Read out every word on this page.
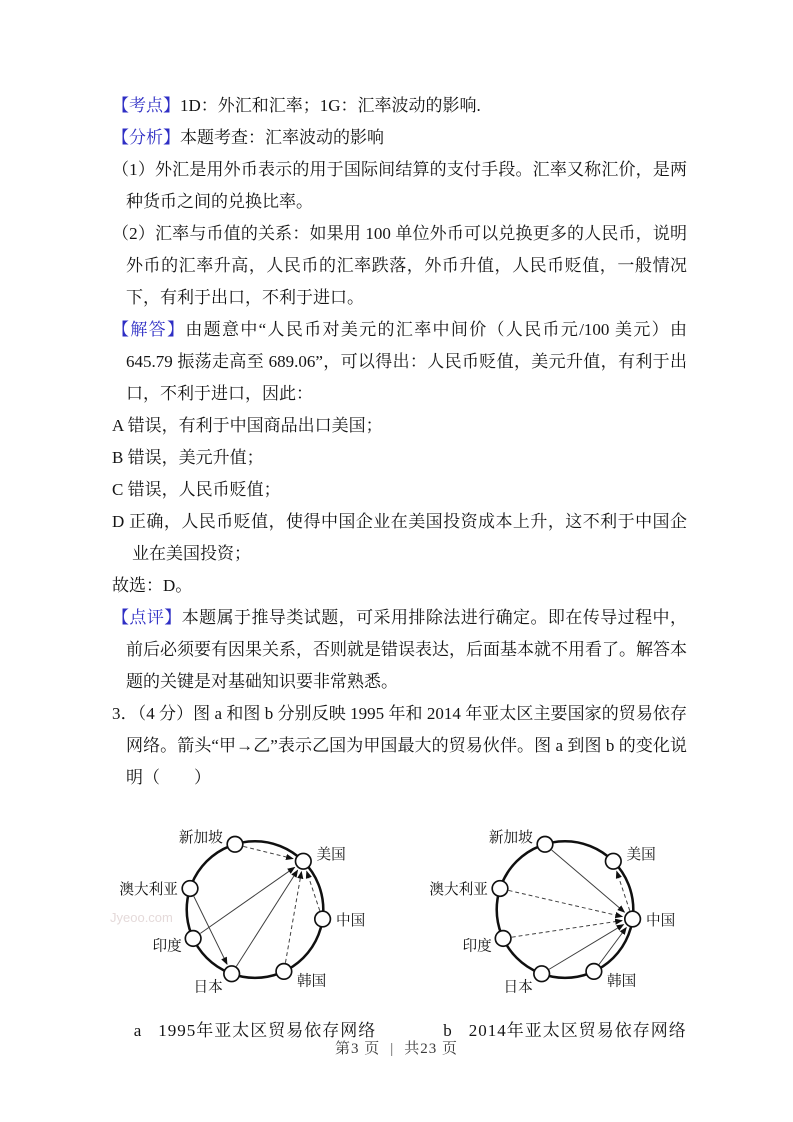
【考点】1D：外汇和汇率；1G：汇率波动的影响.

【分析】本题考查：汇率波动的影响

（1）外汇是用外币表示的用于国际间结算的支付手段。汇率又称汇价，是两种货币之间的兑换比率。

（2）汇率与币值的关系：如果用 100 单位外币可以兑换更多的人民币，说明外币的汇率升高，人民币的汇率跌落，外币升值，人民币贬值，一般情况下，有利于出口，不利于进口。

【解答】由题意中“人民币对美元的汇率中间价（人民币元/100 美元）由 645.79 振荡走高至 689.06”，可以得出：人民币贬值，美元升值，有利于出口，不利于进口，因此：

A 错误，有利于中国商品出口美国；

B 错误，美元升值；

C 错误，人民币贬值；

D 正确，人民币贬值，使得中国企业在美国投资成本上升，这不利于中国企业在美国投资；

故选：D。

【点评】本题属于推导类试题，可采用排除法进行确定。即在传导过程中，前后必须要有因果关系，否则就是错误表达，后面基本就不用看了。解答本题的关键是对基础知识要非常熟悉。

3．（4 分）图 a 和图 b 分别反映 1995 年和 2014 年亚太区主要国家的贸易依存网络。箭头“甲→乙”表示乙国为甲国最大的贸易伙伴。图 a 到图 b 的变化说明（　　）

新加坡
美国
澳大利亚
中国
印度
日本	韩国
a 1995年亚太区贸易依存网络
新加坡
美国
澳大利亚
中国
印度
日本	韩国
b 2014年亚太区贸易依存网络
Jyeoo.com
第3 页 | 共23 页
